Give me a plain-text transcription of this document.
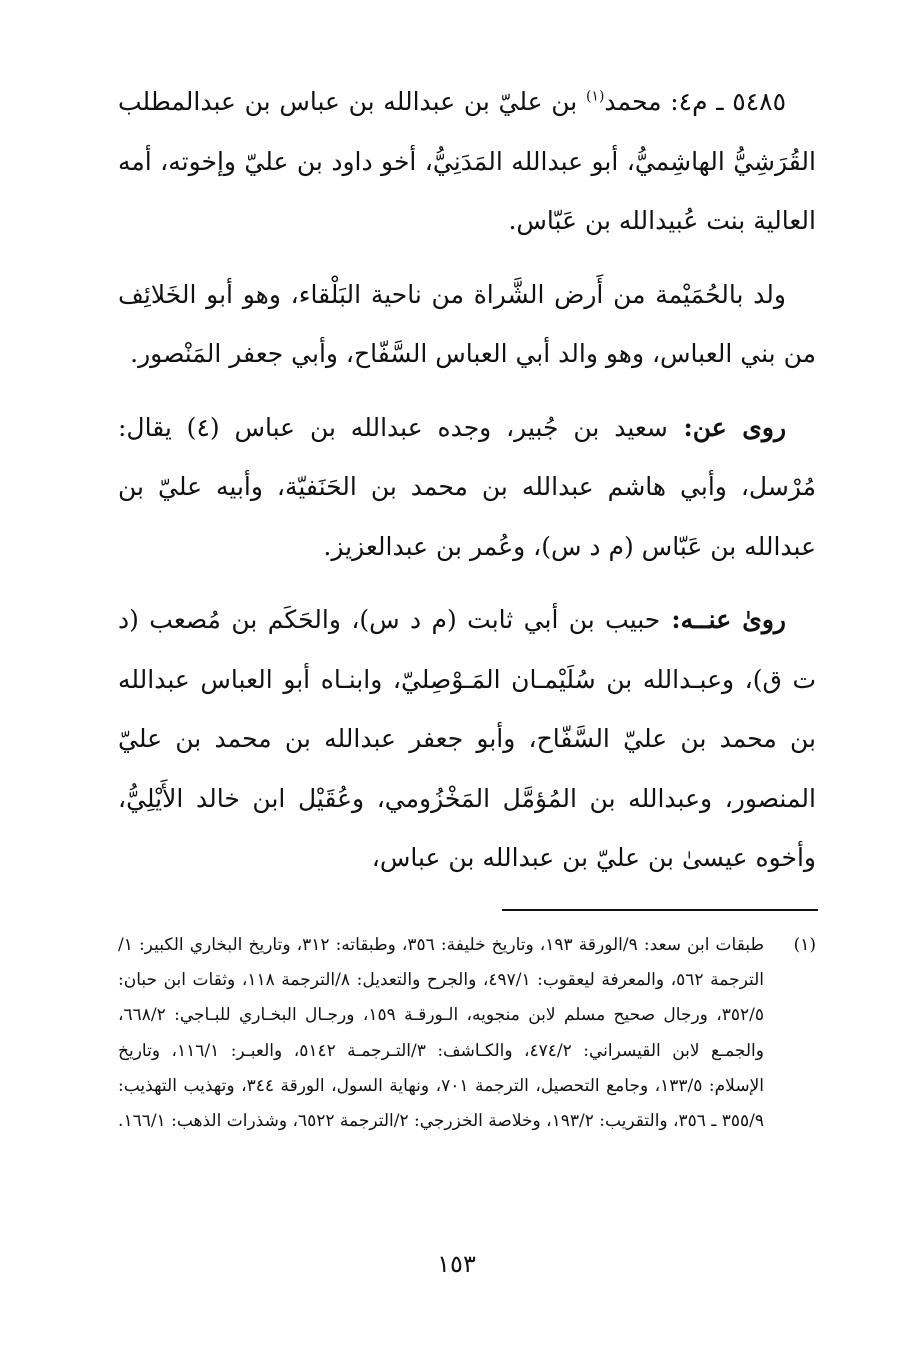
٥٤٨٥ ـ م٤: محمد$^{(١)}$ بن عليّ بن عبدالله بن عباس بن عبدالمطلب القُرَشِيُّ الهاشِميُّ، أبو عبدالله المَدَنِيُّ، أخو داود بن عليّ وإخوته، أمه العالية بنت عُبيدالله بن عَبّاس.

ولد بالحُمَيْمة من أَرض الشَّراة من ناحية البَلْقاء، وهو أبو الخَلائِف من بني العباس، وهو والد أبي العباس السَّفّاح، وأبي جعفر المَنْصور.

روى عن: سعيد بن جُبير، وجده عبدالله بن عباس (٤) يقال: مُرْسل، وأبي هاشم عبدالله بن محمد بن الحَنَفيّة، وأبيه عليّ بن عبدالله بن عَبّاس (م د س)، وعُمر بن عبدالعزيز.

روىٰ عنــه: حبيب بن أبي ثابت (م د س)، والحَكَم بن مُصعب (د ت ق)، وعبـدالله بن سُلَيْمـان المَـوْصِليّ، وابنـاه أبو العباس عبدالله بن محمد بن عليّ السَّفّاح، وأبو جعفر عبدالله بن محمد بن عليّ المنصور، وعبدالله بن المُؤمَّل المَخْزُومي، وعُقَيْل ابن خالد الأَيْلِيُّ، وأخوه عيسىٰ بن عليّ بن عبدالله بن عباس،

(١)
طبقات ابن سعد: ٩/الورقة ١٩٣، وتاريخ خليفة: ٣٥٦، وطبقاته: ٣١٢، وتاريخ البخاري الكبير: ١/الترجمة ٥٦٢، والمعرفة ليعقوب: ٤٩٧/١، والجرح والتعديل: ٨/الترجمة ١١٨، وثقات ابن حبان: ٣٥٢/٥، ورجال صحيح مسلم لابن منجويه، الـورقـة ١٥٩، ورجـال البخـاري للبـاجي: ٦٦٨/٢، والجمـع لابن القيسراني: ٤٧٤/٢، والكـاشف: ٣/التـرجمـة ٥١٤٢، والعبـر: ١١٦/١، وتاريخ الإسلام: ١٣٣/٥، وجامع التحصيل، الترجمة ٧٠١، ونهاية السول، الورقة ٣٤٤، وتهذيب التهذيب: ٣٥٥/٩ ـ ٣٥٦، والتقريب: ١٩٣/٢، وخلاصة الخزرجي: ٢/الترجمة ٦٥٢٢، وشذرات الذهب: ١٦٦/١.
١٥٣
